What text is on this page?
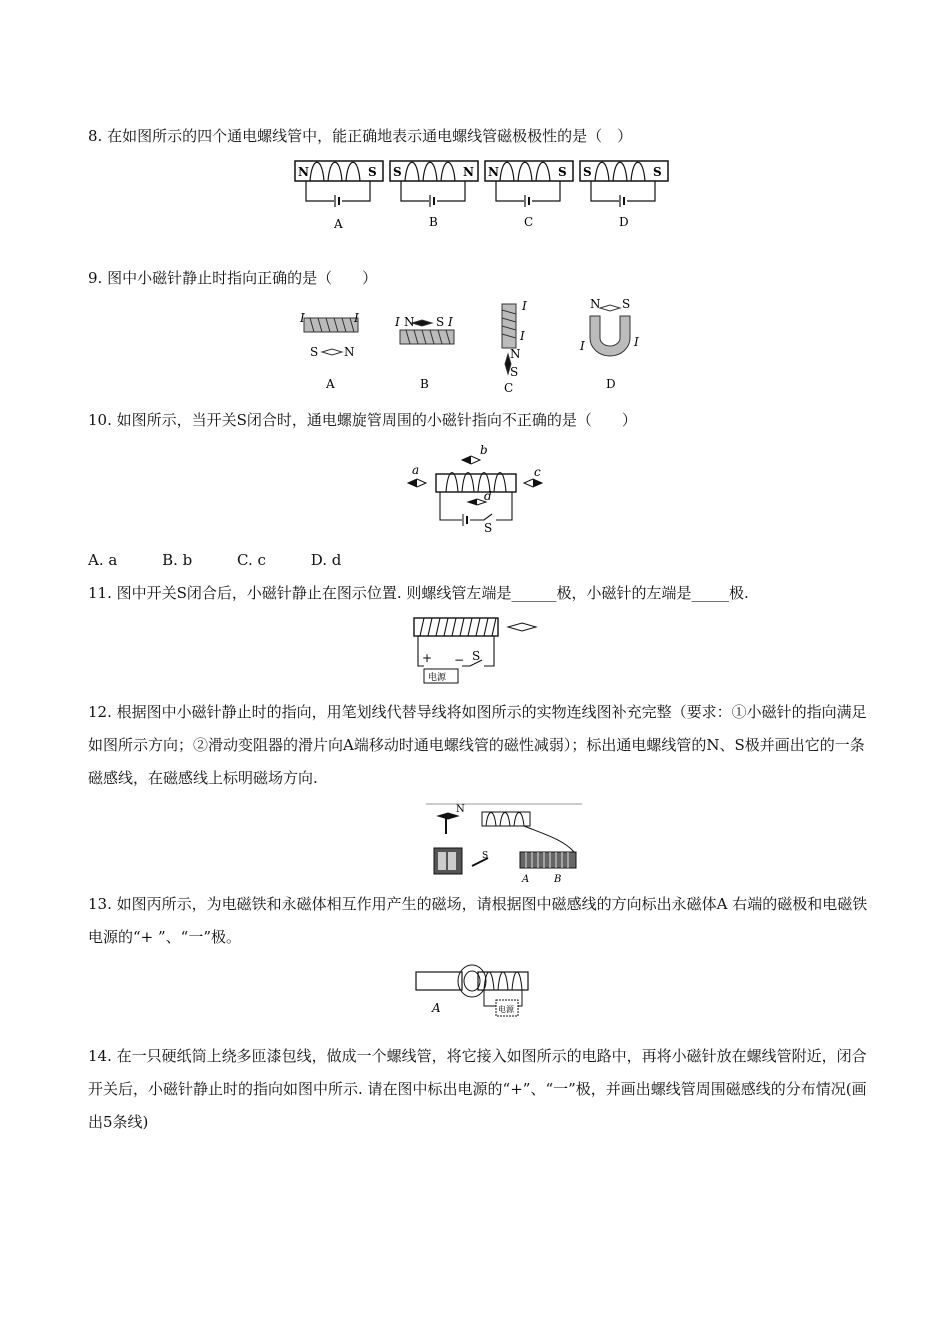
8. 在如图所示的四个通电螺线管中，能正确地表示通电螺线管磁极极性的是（　）

N	S
A
S	N
B
N	S
C
S	S
D

9. 图中小磁针静止时指向正确的是（　　）

I	I
S N
A
I N S I
B
I
I
N
S
C
N S
I	I
D

10. 如图所示，当开关S闭合时，通电螺旋管周围的小磁针指向不正确的是（　　）

a
b
c
d
S
A. a	B. b	C. c	D. d

11. 图中开关S闭合后，小磁针静止在图示位置. 则螺线管左端是______极，小磁针的左端是_____极.

电源
+ − S

12. 根据图中小磁针静止时的指向，用笔划线代替导线将如图所示的实物连线图补充完整（要求：①小磁针的指向满足如图所示方向；②滑动变阻器的滑片向A端移动时通电螺线管的磁性减弱）；标出通电螺线管的N、S极并画出它的一条磁感线，在磁感线上标明磁场方向.

N
S
A B

13. 如图丙所示，为电磁铁和永磁体相互作用产生的磁场，请根据图中磁感线的方向标出永磁体A 右端的磁极和电磁铁电源的“+ ”、“一”极。

A	电源

14. 在一只硬纸筒上绕多匝漆包线，做成一个螺线管，将它接入如图所示的电路中，再将小磁针放在螺线管附近，闭合开关后，小磁针静止时的指向如图中所示. 请在图中标出电源的“+”、“一”极，并画出螺线管周围磁感线的分布情况(画出5条线)
